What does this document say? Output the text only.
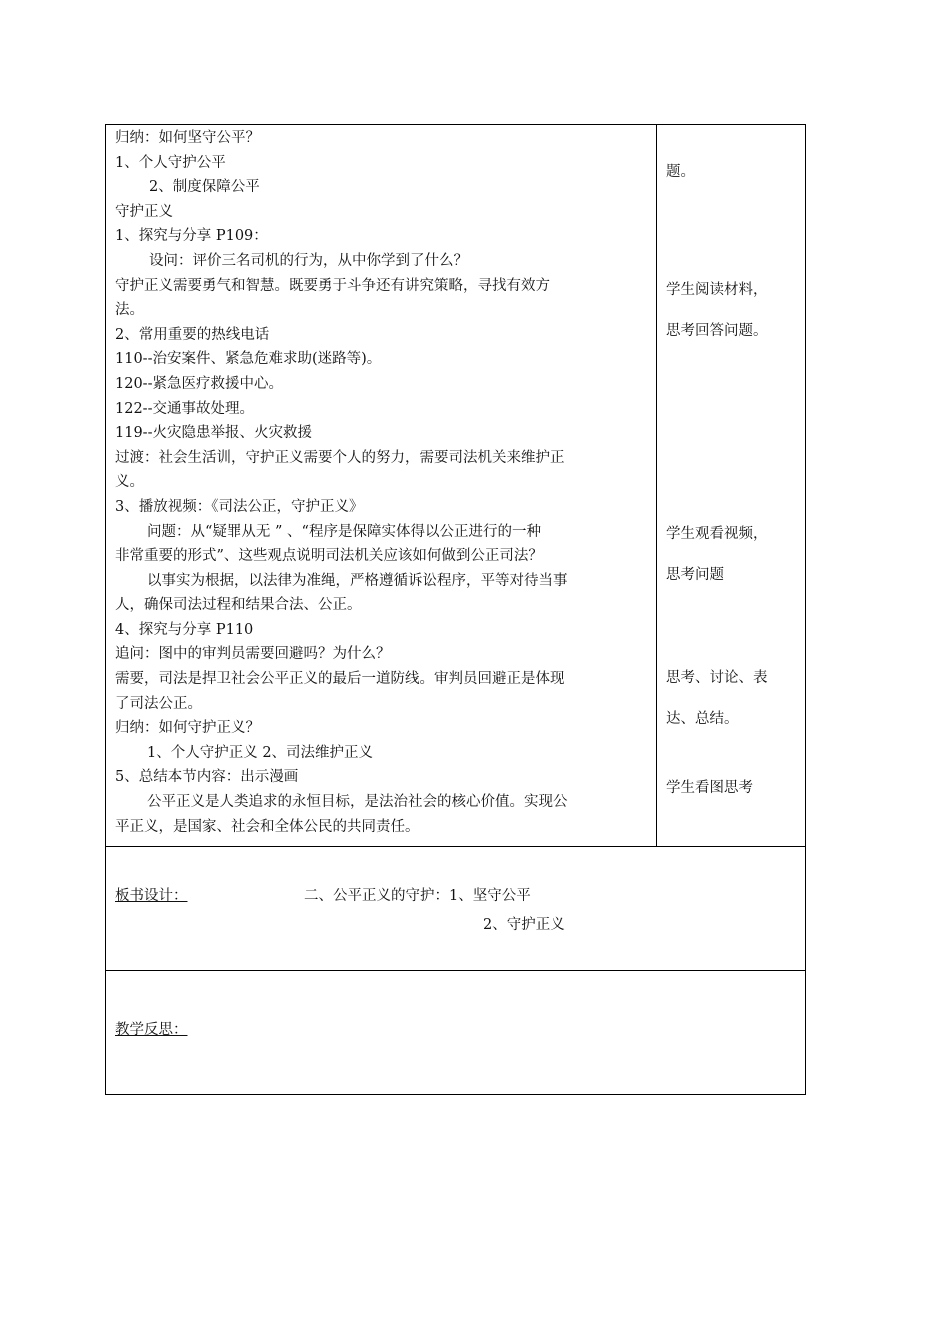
归纳：如何坚守公平？
1、个人守护公平
2、制度保障公平
守护正义
1、探究与分享 P109：
设问：评价三名司机的行为，从中你学到了什么？
守护正义需要勇气和智慧。既要勇于斗争还有讲究策略，寻找有效方
法。
2、常用重要的热线电话
110--治安案件、紧急危难求助(迷路等)。
120--紧急医疗救援中心。
122--交通事故处理。
119--火灾隐患举报、火灾救援
过渡：社会生活训，守护正义需要个人的努力，需要司法机关来维护正
义。
3、播放视频：《司法公正，守护正义》
问题：从“疑罪从无 ” 、“程序是保障实体得以公正进行的一种
非常重要的形式”、这些观点说明司法机关应该如何做到公正司法？
以事实为根据，以法律为准绳，严格遵循诉讼程序，平等对待当事
人，确保司法过程和结果合法、公正。
4、探究与分享 P110
追问：图中的审判员需要回避吗？为什么？
需要，司法是捍卫社会公平正义的最后一道防线。审判员回避正是体现
了司法公正。
归纳：如何守护正义？
1、个人守护正义 2、司法维护正义
5、总结本节内容：出示漫画
公平正义是人类追求的永恒目标，是法治社会的核心价值。实现公
平正义，是国家、社会和全体公民的共同责任。
题。
学生阅读材料，
思考回答问题。
学生观看视频，
思考问题
思考、讨论、表
达、总结。
学生看图思考
板书设计：	二、公平正义的守护：1、坚守公平
2、守护正义
教学反思：
